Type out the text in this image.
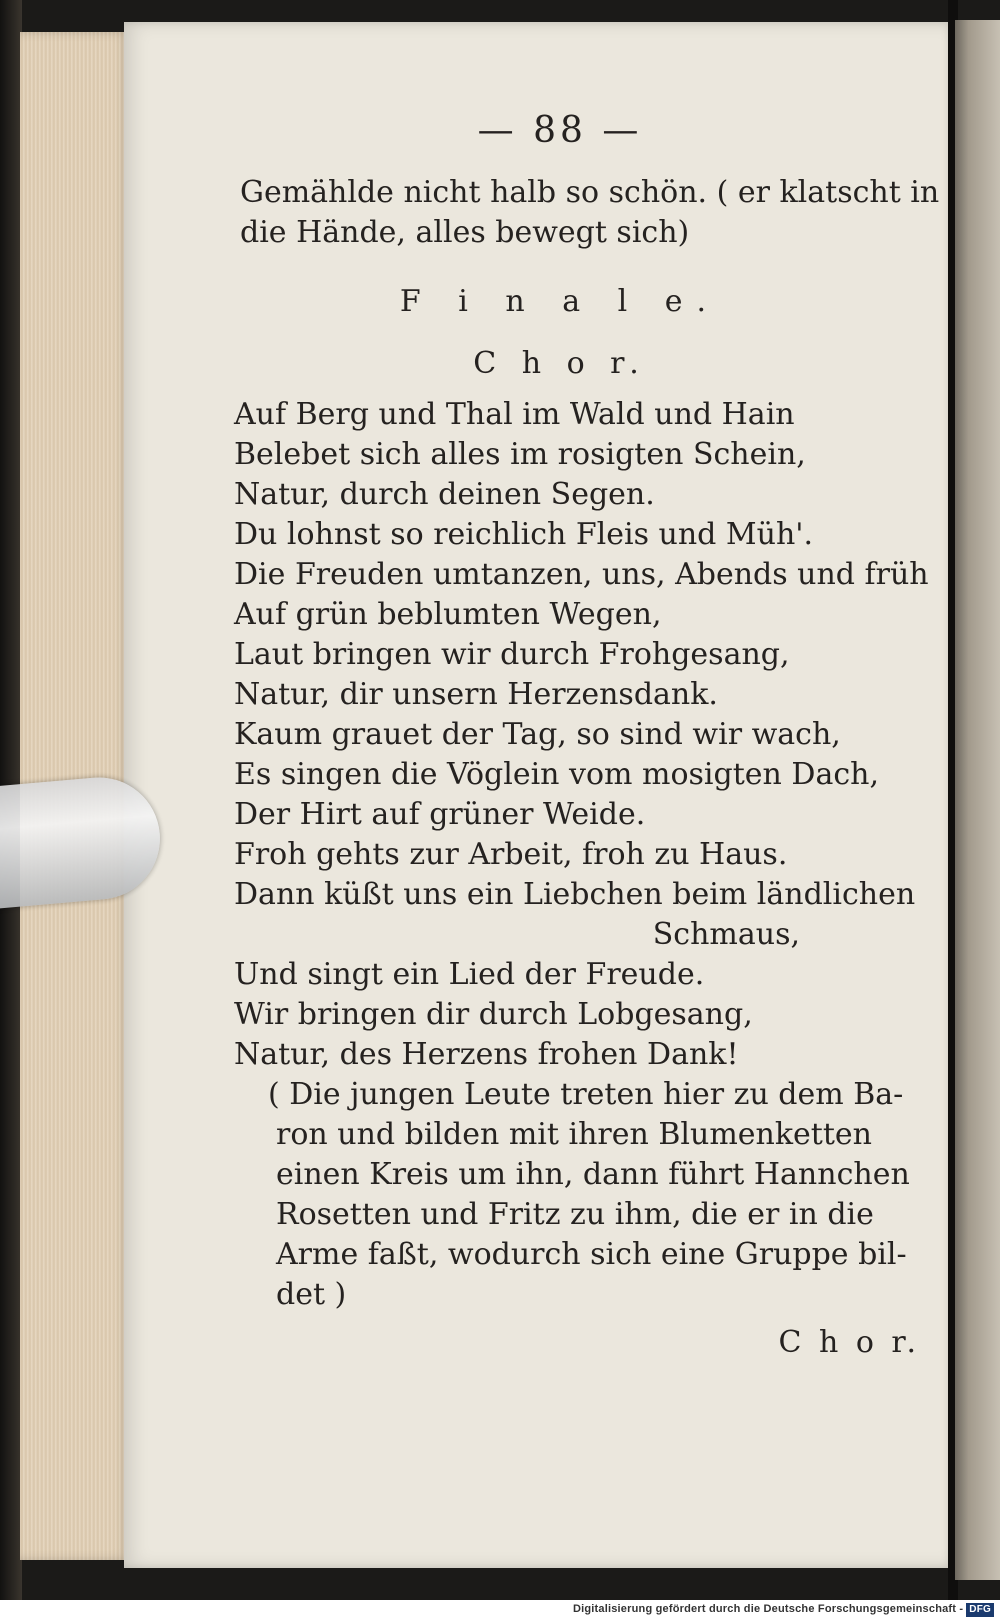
— 88 —
Gemählde nicht halb so schön. ( er klatscht in
die Hände, alles bewegt sich)
F i n a l e.
C h o r.
Auf Berg und Thal im Wald und Hain
Belebet sich alles im rosigten Schein,
Natur, durch deinen Segen.
Du lohnst so reichlich Fleis und Müh'.
Die Freuden umtanzen, uns, Abends und früh
Auf grün beblumten Wegen,
Laut bringen wir durch Frohgesang,
Natur, dir unsern Herzensdank.
Kaum grauet der Tag, so sind wir wach,
Es singen die Vöglein vom mosigten Dach,
Der Hirt auf grüner Weide.
Froh gehts zur Arbeit, froh zu Haus.
Dann küßt uns ein Liebchen beim ländlichen
Schmaus,
Und singt ein Lied der Freude.
Wir bringen dir durch Lobgesang,
Natur, des Herzens frohen Dank!
( Die jungen Leute treten hier zu dem Ba-
ron und bilden mit ihren Blumenketten
einen Kreis um ihn, dann führt Hannchen
Rosetten und Fritz zu ihm, die er in die
Arme faßt, wodurch sich eine Gruppe bil-
det )
C h o r.
Digitalisierung gefördert durch die Deutsche Forschungsgemeinschaft - DFG
